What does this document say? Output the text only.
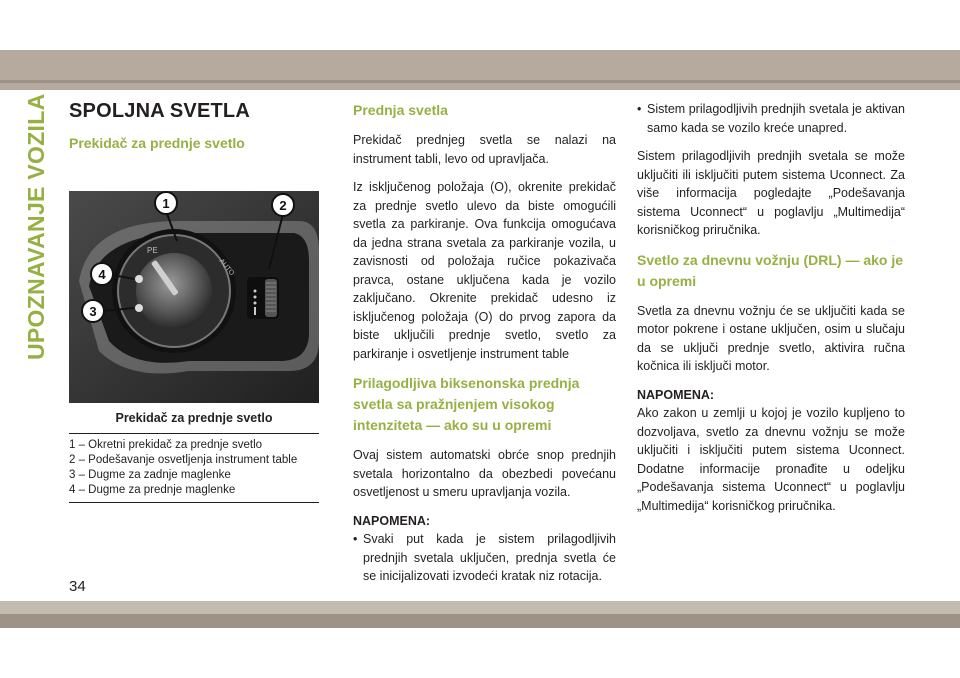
UPOZNAVANJE VOZILA	SPOLJNA SVETLA
Prekidač za prednje svetlo
PE
AUTO
1	2
3
4
Prekidač za prednje svetlo
1 – Okretni prekidač za prednje svetlo
2 – Podešavanje osvetljenja instrument table
3 – Dugme za zadnje maglenke
4 – Dugme za prednje maglenke
Prednja svetla

Prekidač prednjeg svetla se nalazi na instrument tabli, levo od upravljača.

Iz isključenog položaja (O), okrenite prekidač za prednje svetlo ulevo da biste omogućili svetla za parkiranje. Ova funkcija omogućava da jedna strana svetala za parkiranje vozila, u zavisnosti od položaja ručice pokazivača pravca, ostane uključena kada je vozilo zaključano. Okrenite prekidač udesno iz isključenog položaja (O) do prvog zapora da biste uključili prednje svetlo, svetlo za parkiranje i osvetljenje instrument table

Prilagodljiva biksenonska prednja svetla sa pražnjenjem visokog intenziteta — ako su u opremi

Ovaj sistem automatski obrće snop prednjih svetala horizontalno da obezbedi povećanu osvetljenost u smeru upravljanja vozila.

NAPOMENA:

• Svaki put kada je sistem prilagodljivih prednjih svetala uključen, prednja svetla će se inicijalizovati izvodeći kratak niz rotacija.
• Sistem prilagodljivih prednjih svetala je aktivan samo kada se vozilo kreće unapred.

Sistem prilagodljivih prednjih svetala se može uključiti ili isključiti putem sistema Uconnect. Za više informacija pogledajte „Podešavanja sistema Uconnect“ u poglavlju „Multimedija“ korisničkog priručnika.

Svetlo za dnevnu vožnju (DRL) — ako je u opremi

Svetla za dnevnu vožnju će se uključiti kada se motor pokrene i ostane uključen, osim u slučaju da se uključi prednje svetlo, aktivira ručna kočnica ili isključi motor.

NAPOMENA:

Ako zakon u zemlji u kojoj je vozilo kupljeno to dozvoljava, svetlo za dnevnu vožnju se može uključiti i isključiti putem sistema Uconnect. Dodatne informacije pronađite u odeljku „Podešavanja sistema Uconnect“ u poglavlju „Multimedija“ korisničkog priručnika.

34
